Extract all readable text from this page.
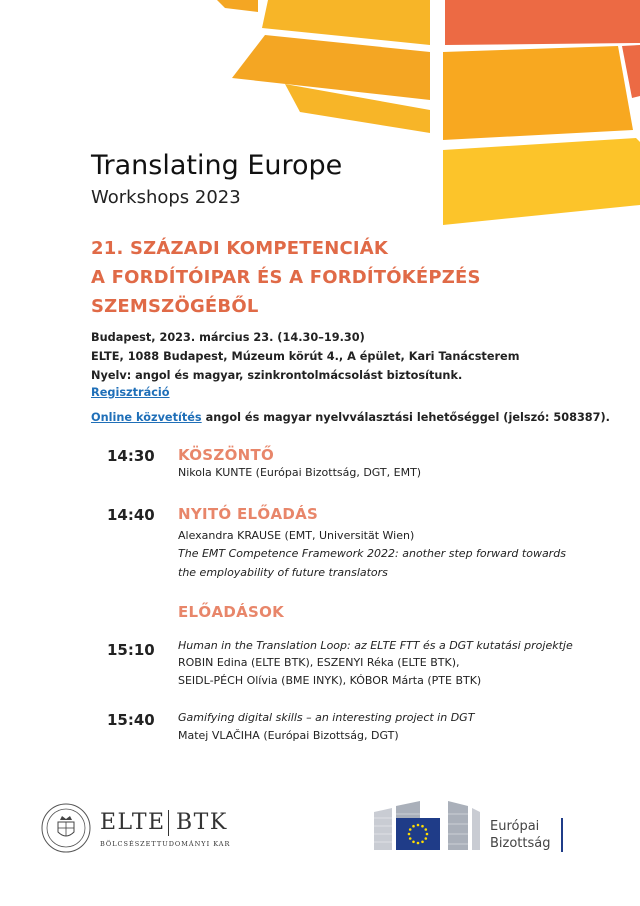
Translating Europe
Workshops 2023
21. SZÁZADI KOMPETENCIÁK
A FORDÍTÓIPAR ÉS A FORDÍTÓKÉPZÉS
SZEMSZÖGÉBŐL
Budapest, 2023. március 23. (14.30–19.30)
ELTE, 1088 Budapest, Múzeum körút 4., A épület, Kari Tanácsterem
Nyelv: angol és magyar, szinkrontolmácsolást biztosítunk.
Regisztráció
Online közvetítés angol és magyar nyelvválasztási lehetőséggel (jelszó: 508387).
14:30 KÖSZÖNTŐ
Nikola KUNTE (Európai Bizottság, DGT, EMT)
14:40 NYITÓ ELŐADÁS
Alexandra KRAUSE (EMT, Universität Wien)
The EMT Competence Framework 2022: another step forward towards
the employability of future translators
ELŐADÁSOK
15:10 Human in the Translation Loop: az ELTE FTT és a DGT kutatási projektje
ROBIN Edina (ELTE BTK), ESZENYI Réka (ELTE BTK),
SEIDL-PÉCH Olívia (BME INYK), KÓBOR Márta (PTE BTK)
15:40 Gamifying digital skills – an interesting project in DGT
Matej VLAČIHA (Európai Bizottság, DGT)
ELTE BTK
BÖLCSÉSZETTUDOMÁNYI KAR
Európai
Bizottság
